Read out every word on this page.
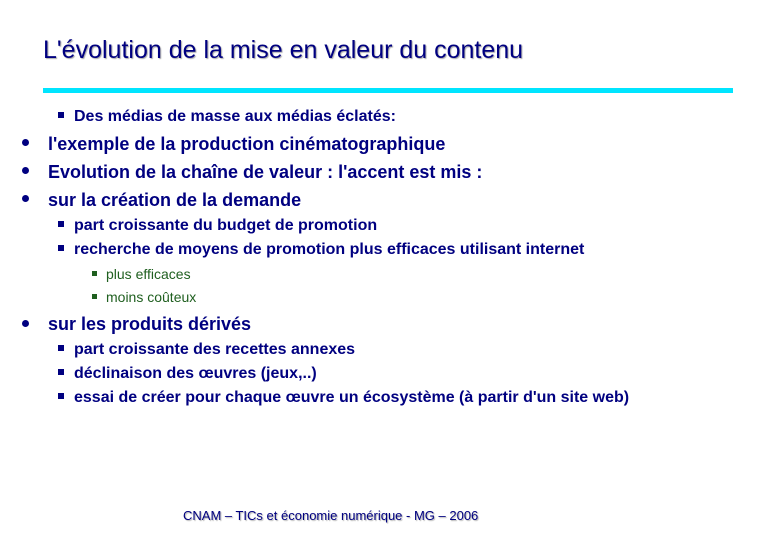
L'évolution de la mise en valeur du contenu
Des médias de masse aux médias éclatés:
l'exemple de la production cinématographique
Evolution de la chaîne de valeur : l'accent est mis :
sur la création de la demande
part croissante du budget de promotion
recherche de moyens de promotion plus efficaces utilisant internet
plus efficaces
moins coûteux
sur les produits dérivés
part croissante des recettes annexes
déclinaison des œuvres (jeux,..)
essai de créer pour chaque œuvre un écosystème (à partir d'un site web)
CNAM – TICs et économie numérique - MG – 2006
